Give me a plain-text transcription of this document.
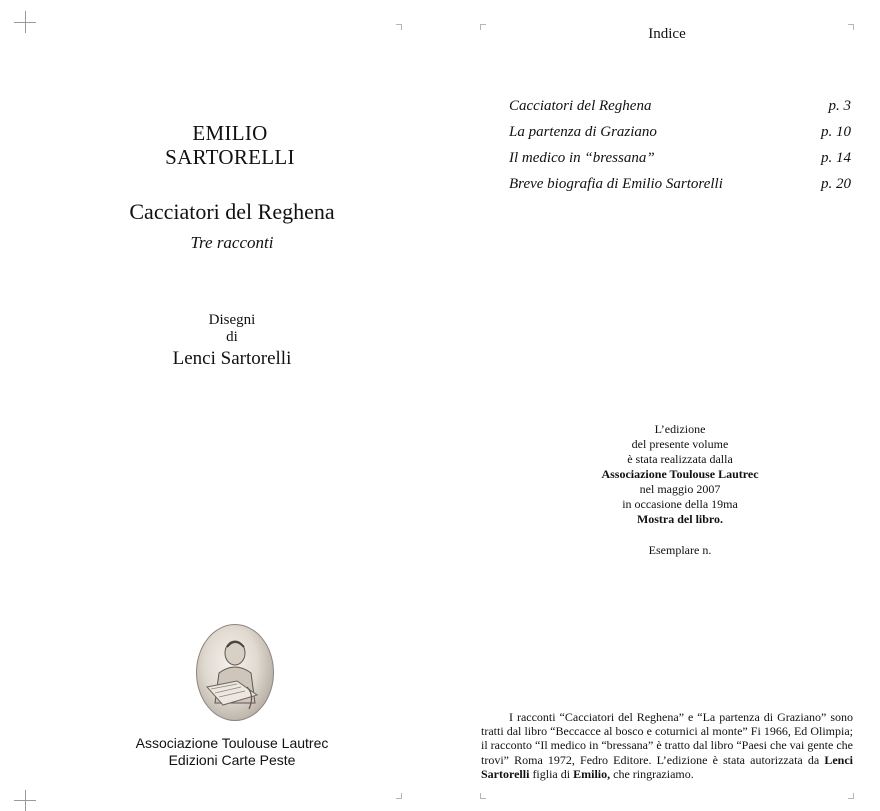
EMILIO
SARTORELLI
Cacciatori del Reghena
Tre racconti
Disegni
di
Lenci Sartorelli
Associazione Toulouse Lautrec
Edizioni Carte Peste
Indice
Cacciatori del Reghena	p. 3
La partenza di Graziano	p. 10
Il medico in “bressana”	p. 14
Breve biografia di Emilio Sartorelli	p. 20
L’edizione
del presente volume
è stata realizzata dalla
Associazione Toulouse Lautrec
nel maggio 2007
in occasione della 19ma
Mostra del libro.
Esemplare n.
I racconti “Cacciatori del Reghena” e “La partenza di Graziano” sono tratti dal libro “Beccacce al bosco e coturnici al monte” Fi 1966, Ed Olimpia; il racconto “Il medico in “bressana” è tratto dal libro “Paesi che vai gente che trovi” Roma 1972, Fedro Editore. L’edizione è stata autorizzata da Lenci Sartorelli figlia di Emilio, che ringraziamo.
